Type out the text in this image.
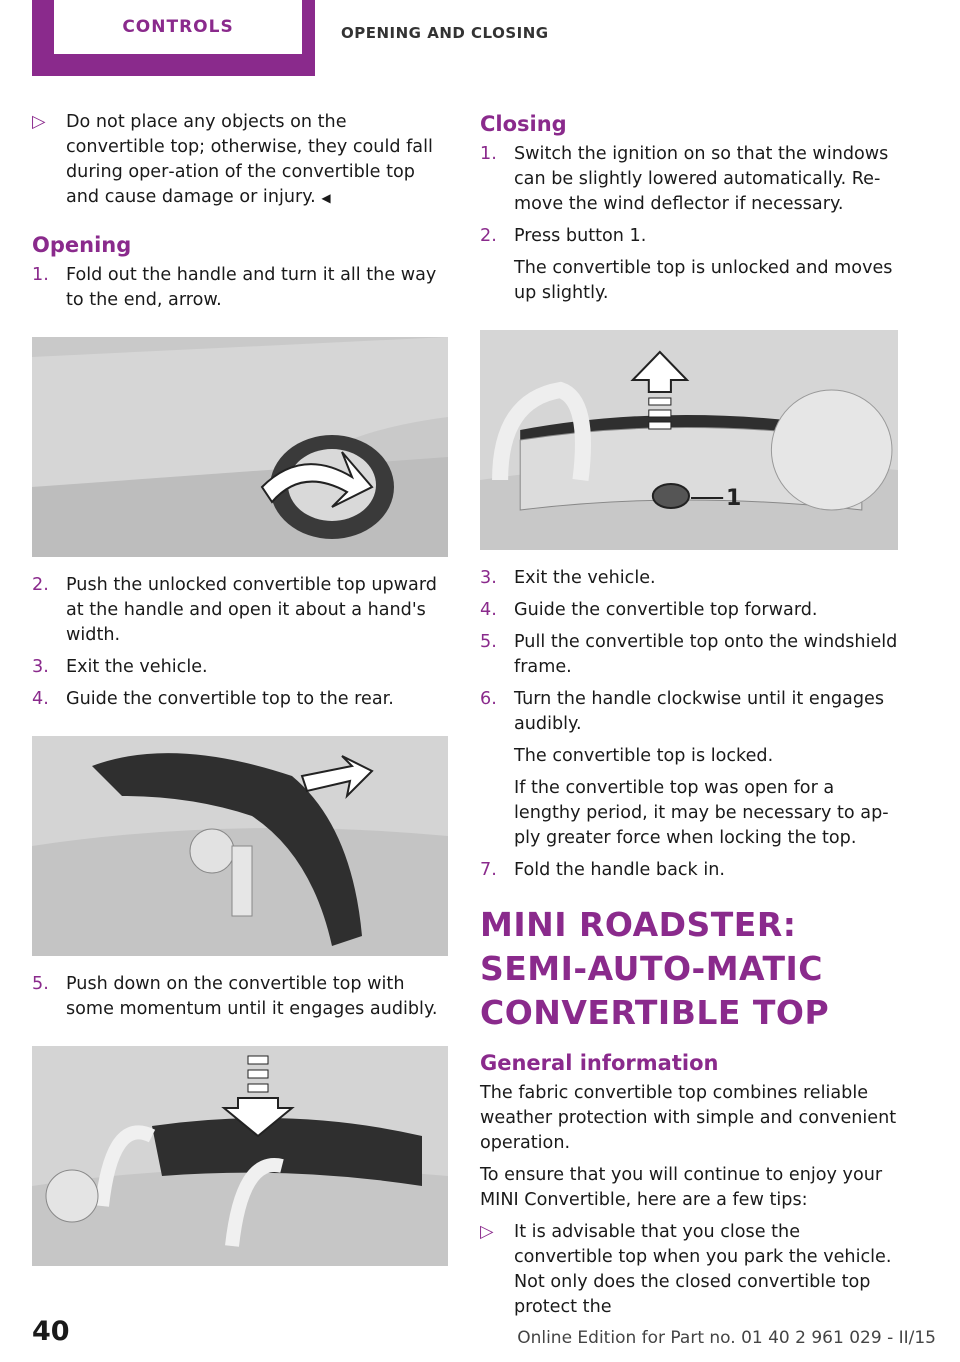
CONTROLS	OPENING AND CLOSING
▷	Do not place any objects on the convertible top; otherwise, they could fall during oper‐ation of the convertible top and cause damage or injury. ◀
Opening
1. Fold out the handle and turn it all the way to the end, arrow.
2. Push the unlocked convertible top upward at the handle and open it about a hand's width.
3. Exit the vehicle.
4. Guide the convertible top to the rear.
5. Push down on the convertible top with some momentum until it engages audibly.
Closing
1. Switch the ignition on so that the windows can be slightly lowered automatically. Re‐move the wind deflector if necessary.
2. Press button 1.
The convertible top is unlocked and moves up slightly.
1
3. Exit the vehicle.
4. Guide the convertible top forward.
5. Pull the convertible top onto the windshield frame.
6. Turn the handle clockwise until it engages audibly.
The convertible top is locked.
If the convertible top was open for a lengthy period, it may be necessary to ap‐ply greater force when locking the top.
7. Fold the handle back in.
MINI ROADSTER: SEMI-AUTO‐MATIC CONVERTIBLE TOP
General information
The fabric convertible top combines reliable weather protection with simple and convenient operation.
To ensure that you will continue to enjoy your MINI Convertible, here are a few tips:
▷	It is advisable that you close the convertible top when you park the vehicle. Not only does the closed convertible top protect the
40	Online Edition for Part no. 01 40 2 961 029 - II/15
